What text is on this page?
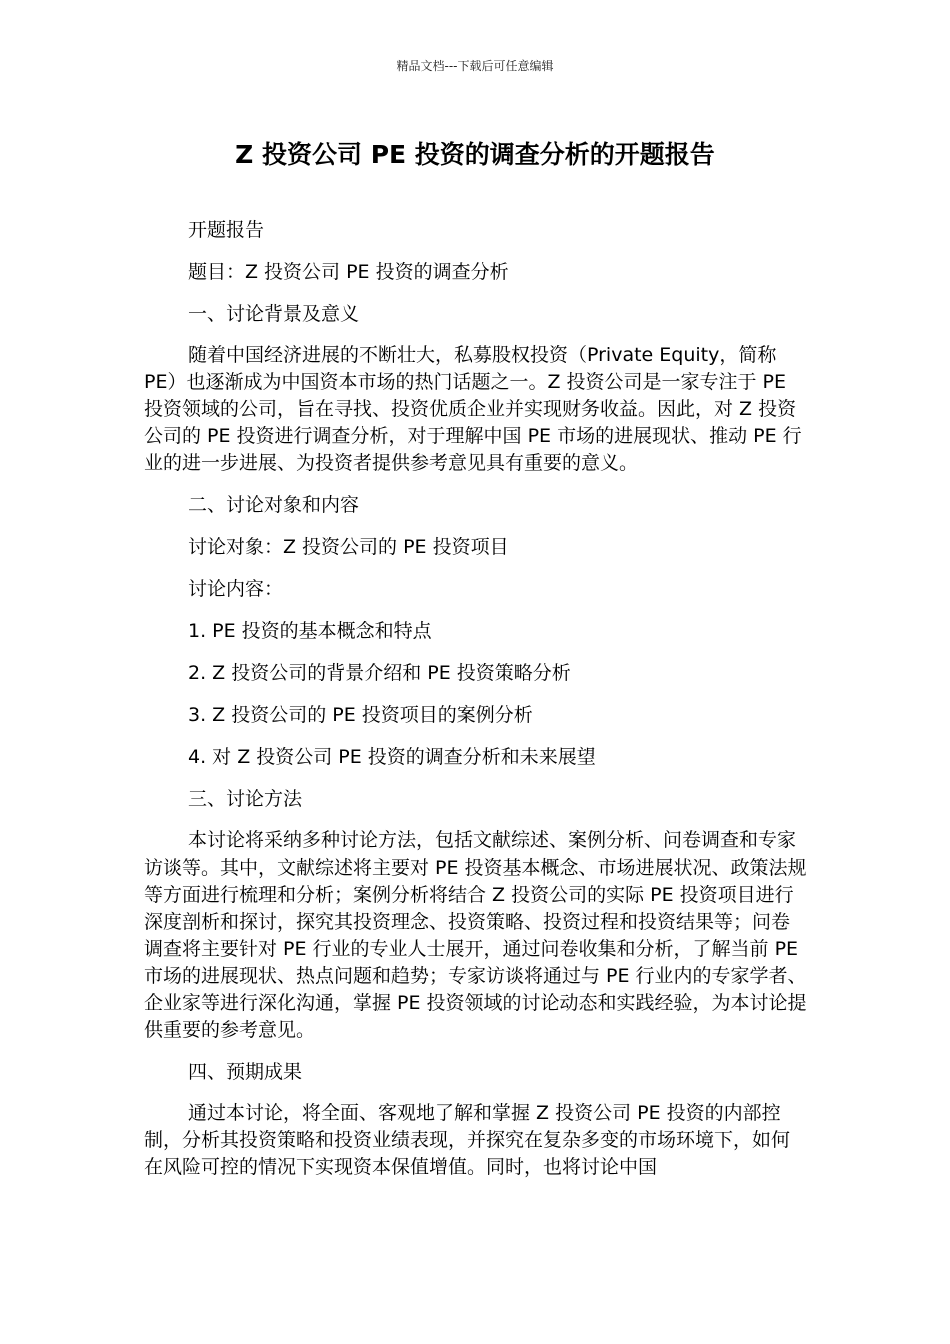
精品文档---下载后可任意编辑
Z 投资公司 PE 投资的调查分析的开题报告
开题报告
题目：Z 投资公司 PE 投资的调查分析
一、讨论背景及意义

随着中国经济进展的不断壮大，私募股权投资（Private Equity，简称 PE）也逐渐成为中国资本市场的热门话题之一。Z 投资公司是一家专注于 PE 投资领域的公司，旨在寻找、投资优质企业并实现财务收益。因此，对 Z 投资公司的 PE 投资进行调查分析，对于理解中国 PE 市场的进展现状、推动 PE 行业的进一步进展、为投资者提供参考意见具有重要的意义。

二、讨论对象和内容
讨论对象：Z 投资公司的 PE 投资项目
讨论内容：
1. PE 投资的基本概念和特点
2. Z 投资公司的背景介绍和 PE 投资策略分析
3. Z 投资公司的 PE 投资项目的案例分析
4. 对 Z 投资公司 PE 投资的调查分析和未来展望
三、讨论方法

本讨论将采纳多种讨论方法，包括文献综述、案例分析、问卷调查和专家访谈等。其中，文献综述将主要对 PE 投资基本概念、市场进展状况、政策法规等方面进行梳理和分析；案例分析将结合 Z 投资公司的实际 PE 投资项目进行深度剖析和探讨，探究其投资理念、投资策略、投资过程和投资结果等；问卷调查将主要针对 PE 行业的专业人士展开，通过问卷收集和分析，了解当前 PE 市场的进展现状、热点问题和趋势；专家访谈将通过与 PE 行业内的专家学者、企业家等进行深化沟通，掌握 PE 投资领域的讨论动态和实践经验，为本讨论提供重要的参考意见。

四、预期成果

通过本讨论，将全面、客观地了解和掌握 Z 投资公司 PE 投资的内部控制，分析其投资策略和投资业绩表现，并探究在复杂多变的市场环境下，如何在风险可控的情况下实现资本保值增值。同时，也将讨论中国
